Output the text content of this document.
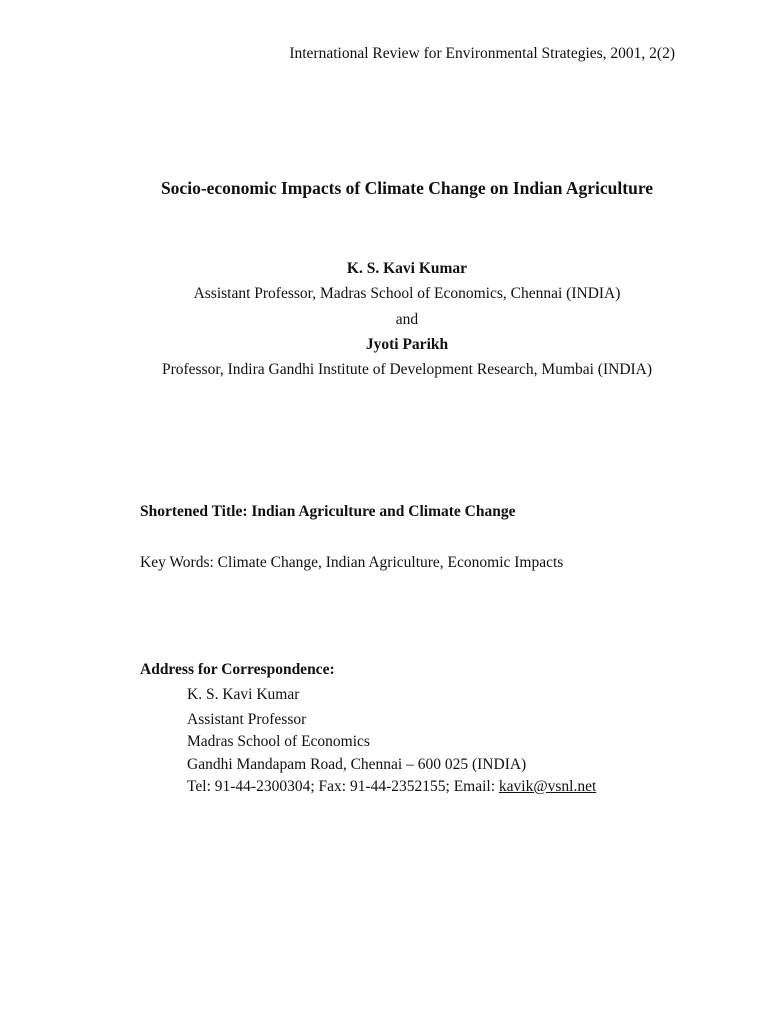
International Review for Environmental Strategies, 2001, 2(2)
Socio-economic Impacts of Climate Change on Indian Agriculture
K. S. Kavi Kumar
Assistant Professor, Madras School of Economics, Chennai (INDIA)
and
Jyoti Parikh
Professor, Indira Gandhi Institute of Development Research, Mumbai (INDIA)
Shortened Title: Indian Agriculture and Climate Change
Key Words: Climate Change, Indian Agriculture, Economic Impacts
Address for Correspondence:
K. S. Kavi Kumar
Assistant Professor
Madras School of Economics
Gandhi Mandapam Road, Chennai – 600 025 (INDIA)
Tel: 91-44-2300304; Fax: 91-44-2352155; Email: kavik@vsnl.net
